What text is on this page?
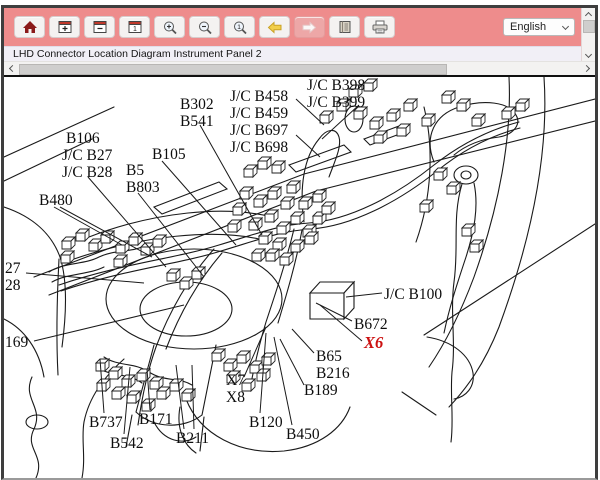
1	1	English
LHD Connector Location Diagram Instrument Panel 2
B106
J/C B27
J/C B28
B105
B5
B803
B302
B541
J/C B458
J/C B459
J/C B697
J/C B698
J/C B398
J/C B399
B480
27
28
169
B737
B542
B171
B211
X7
X8
B120
B450
B189
B65
B216
X6
B672
J/C B100
